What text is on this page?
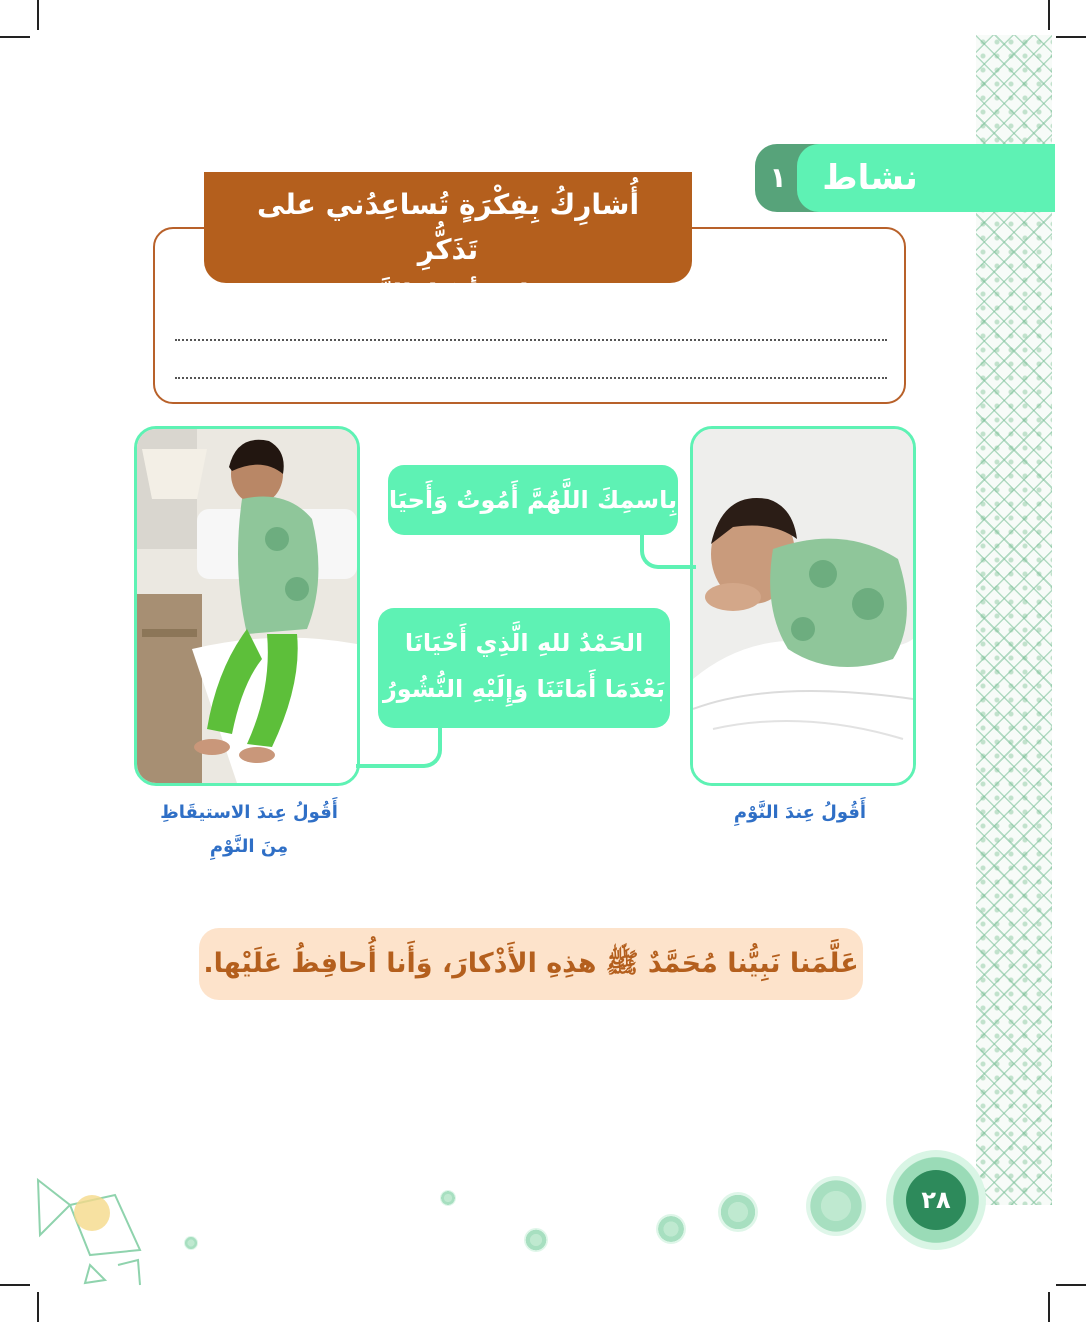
١	نشاط
أُشارِكُ بِفِكْرَةٍ تُساعِدُني على تَذَكُّرِ
قِراءَةِ أذكارِالنَّومِ.
بِاسمِكَ اللَّهُمَّ أَمُوتُ وَأَحيَا
الحَمْدُ للهِ الَّذِي أَحْيَانَا
بَعْدَمَا أَمَاتَنَا وَإِلَيْهِ النُّشُورُ
أَقُولُ عِندَ النَّوْمِ
أَقُولُ عِندَ الاستيقَاظِ
مِنَ النَّوْمِ
عَلَّمَنا نَبِيُّنا مُحَمَّدٌ ﷺ هذِهِ الأَذْكارَ، وَأَنا أُحافِظُ عَلَيْها.
٢٨
